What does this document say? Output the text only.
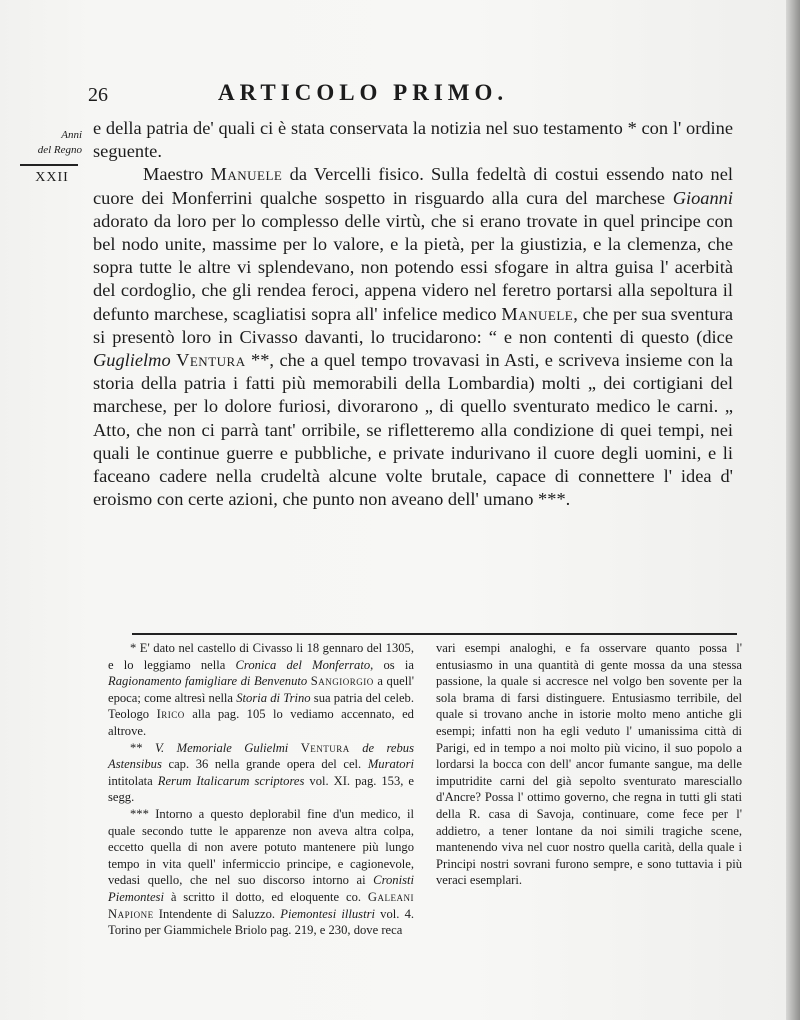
26	ARTICOLO PRIMO.
Anni
del Regno
XXII

e della patria de' quali ci è stata conservata la notizia nel suo testamento * con l' ordine seguente.

Maestro Manuele da Vercelli fisico. Sulla fedeltà di costui essendo nato nel cuore dei Monferrini qualche sospetto in risguardo alla cura del marchese Gioanni adorato da loro per lo complesso delle virtù, che si erano trovate in quel principe con bel nodo unite, massime per lo valore, e la pietà, per la giustizia, e la clemenza, che sopra tutte le altre vi splendevano, non potendo essi sfogare in altra guisa l' acerbità del cordoglio, che gli rendea feroci, appena videro nel feretro portarsi alla sepoltura il defunto marchese, scagliatisi sopra all' infelice medico Manuele, che per sua sventura si presentò loro in Civasso davanti, lo trucidarono: “ e non contenti di questo (dice Guglielmo Ventura **, che a quel tempo trovavasi in Asti, e scriveva insieme con la storia della patria i fatti più memorabili della Lombardia) molti „ dei cortigiani del marchese, per lo dolore furiosi, divorarono „ di quello sventurato medico le carni. „ Atto, che non ci parrà tant' orribile, se rifletteremo alla condizione di quei tempi, nei quali le continue guerre e pubbliche, e private indurivano il cuore degli uomini, e li faceano cadere nella crudeltà alcune volte brutale, capace di connettere l' idea d' eroismo con certe azioni, che punto non aveano dell' umano ***.

* E' dato nel castello di Civasso li 18 gennaro del 1305, e lo leggiamo nella Cronica del Monferrato, os ia Ragionamento famigliare di Benvenuto Sangiorgio a quell' epoca; come altresì nella Storia di Trino sua patria del celeb. Teologo Irico alla pag. 105 lo vediamo accennato, ed altrove.

** V. Memoriale Gulielmi Ventura de rebus Astensibus cap. 36 nella grande opera del cel. Muratori intitolata Rerum Italicarum scriptores vol. XI. pag. 153, e segg.

*** Intorno a questo deplorabil fine d'un medico, il quale secondo tutte le apparenze non aveva altra colpa, eccetto quella di non avere potuto mantenere più lungo tempo in vita quell' infermiccio principe, e cagionevole, vedasi quello, che nel suo discorso intorno ai Cronisti Piemontesi à scritto il dotto, ed eloquente co. Galeani Napione Intendente di Saluzzo. Piemontesi illustri vol. 4. Torino per Giammichele Briolo pag. 219, e 230, dove reca

vari esempi analoghi, e fa osservare quanto possa l' entusiasmo in una quantità di gente mossa da una stessa passione, la quale si accresce nel volgo ben sovente per la sola brama di farsi distinguere. Entusiasmo terribile, del quale si trovano anche in istorie molto meno antiche gli esempi; infatti non ha egli veduto l' umanissima città di Parigi, ed in tempo a noi molto più vicino, il suo popolo a lordarsi la bocca con dell' ancor fumante sangue, ma delle imputridite carni del già sepolto sventurato maresciallo d'Ancre? Possa l' ottimo governo, che regna in tutti gli stati della R. casa di Savoja, continuare, come fece per l' addietro, a tener lontane da noi simili tragiche scene, mantenendo viva nel cuor nostro quella carità, della quale i Principi nostri sovrani furono sempre, e sono tuttavia i più veraci esemplari.
